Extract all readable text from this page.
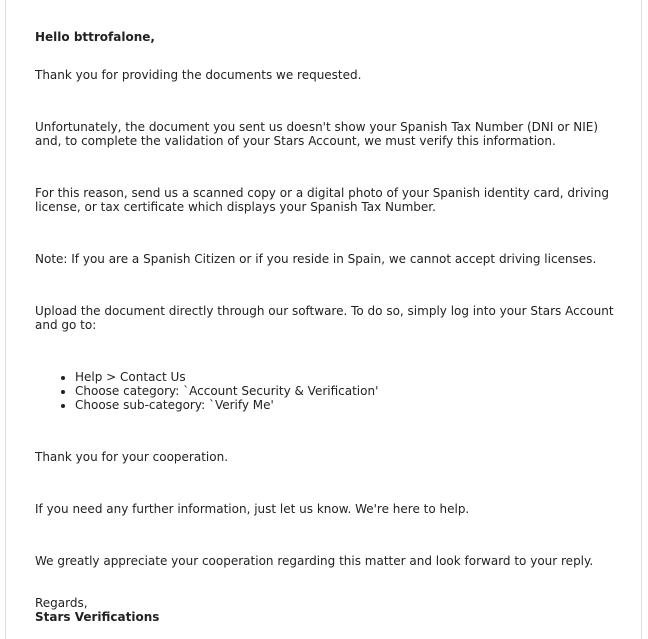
Hello bttrofalone,

Thank you for providing the documents we requested.

Unfortunately, the document you sent us doesn't show your Spanish Tax Number (DNI or NIE) and, to complete the validation of your Stars Account, we must verify this information.

For this reason, send us a scanned copy or a digital photo of your Spanish identity card, driving license, or tax certificate which displays your Spanish Tax Number.

Note: If you are a Spanish Citizen or if you reside in Spain, we cannot accept driving licenses.

Upload the document directly through our software. To do so, simply log into your Stars Account and go to:

• Help > Contact Us
• Choose category: `Account Security & Verification'
• Choose sub-category: `Verify Me'

Thank you for your cooperation.

If you need any further information, just let us know. We're here to help.

We greatly appreciate your cooperation regarding this matter and look forward to your reply.

Regards,

Stars Verifications
